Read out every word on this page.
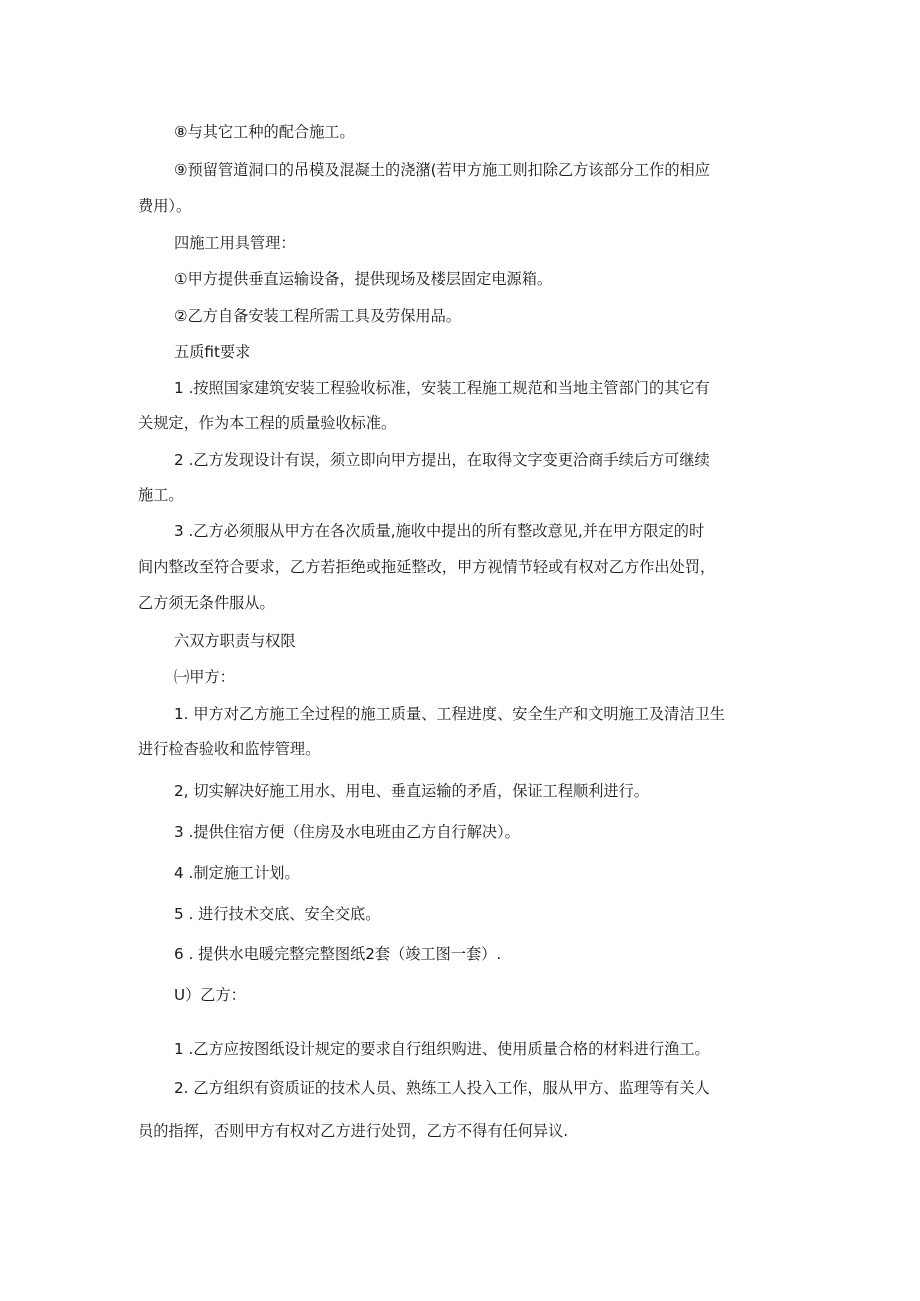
⑧与其它工种的配合施工。

⑨预留管道洞口的吊模及混凝土的浇潴(若甲方施工则扣除乙方该部分工作的相应

费用）。

四施工用具管理：

①甲方提供垂直运输设备，提供现场及楼层固定电源箱。

②乙方自备安装工程所需工具及劳保用品。

五质fit要求

1 .按照国家建筑安装工程验收标准，安装工程施工规范和当地主管部门的其它有

关规定，作为本工程的质量验收标准。

2 .乙方发现设计有误，须立即向甲方提出，在取得文字变更洽商手续后方可继续

施工。

3 .乙方必须服从甲方在各次质量,施收中提出的所有整改意见,并在甲方限定的时

间内整改至符合要求，乙方若拒绝或拖延整改，甲方视情节轻或有权对乙方作出处罚，

乙方须无条件服从。

六双方职责与权限

㈠甲方：

1. 甲方对乙方施工全过程的施工质量、工程进度、安全生产和文明施工及清洁卫生

进行检杳验收和监悖管理。

2, 切实解决好施工用水、用电、垂直运输的矛盾，保证工程顺利进行。

3 .提供住宿方便（住房及水电班由乙方自行解决）。

4 .制定施工计划。

5 . 进行技术交底、安全交底。

6 . 提供水电暖完整完整图纸2套（竣工图一套）.

U）乙方：

1 .乙方应按图纸设计规定的要求自行组织购进、使用质量合格的材料进行渔工。

2. 乙方组织有资质证的技术人员、熟练工人投入工作，服从甲方、监理等有关人

员的指挥，否则甲方有权对乙方进行处罚，乙方不得有任何异议.
